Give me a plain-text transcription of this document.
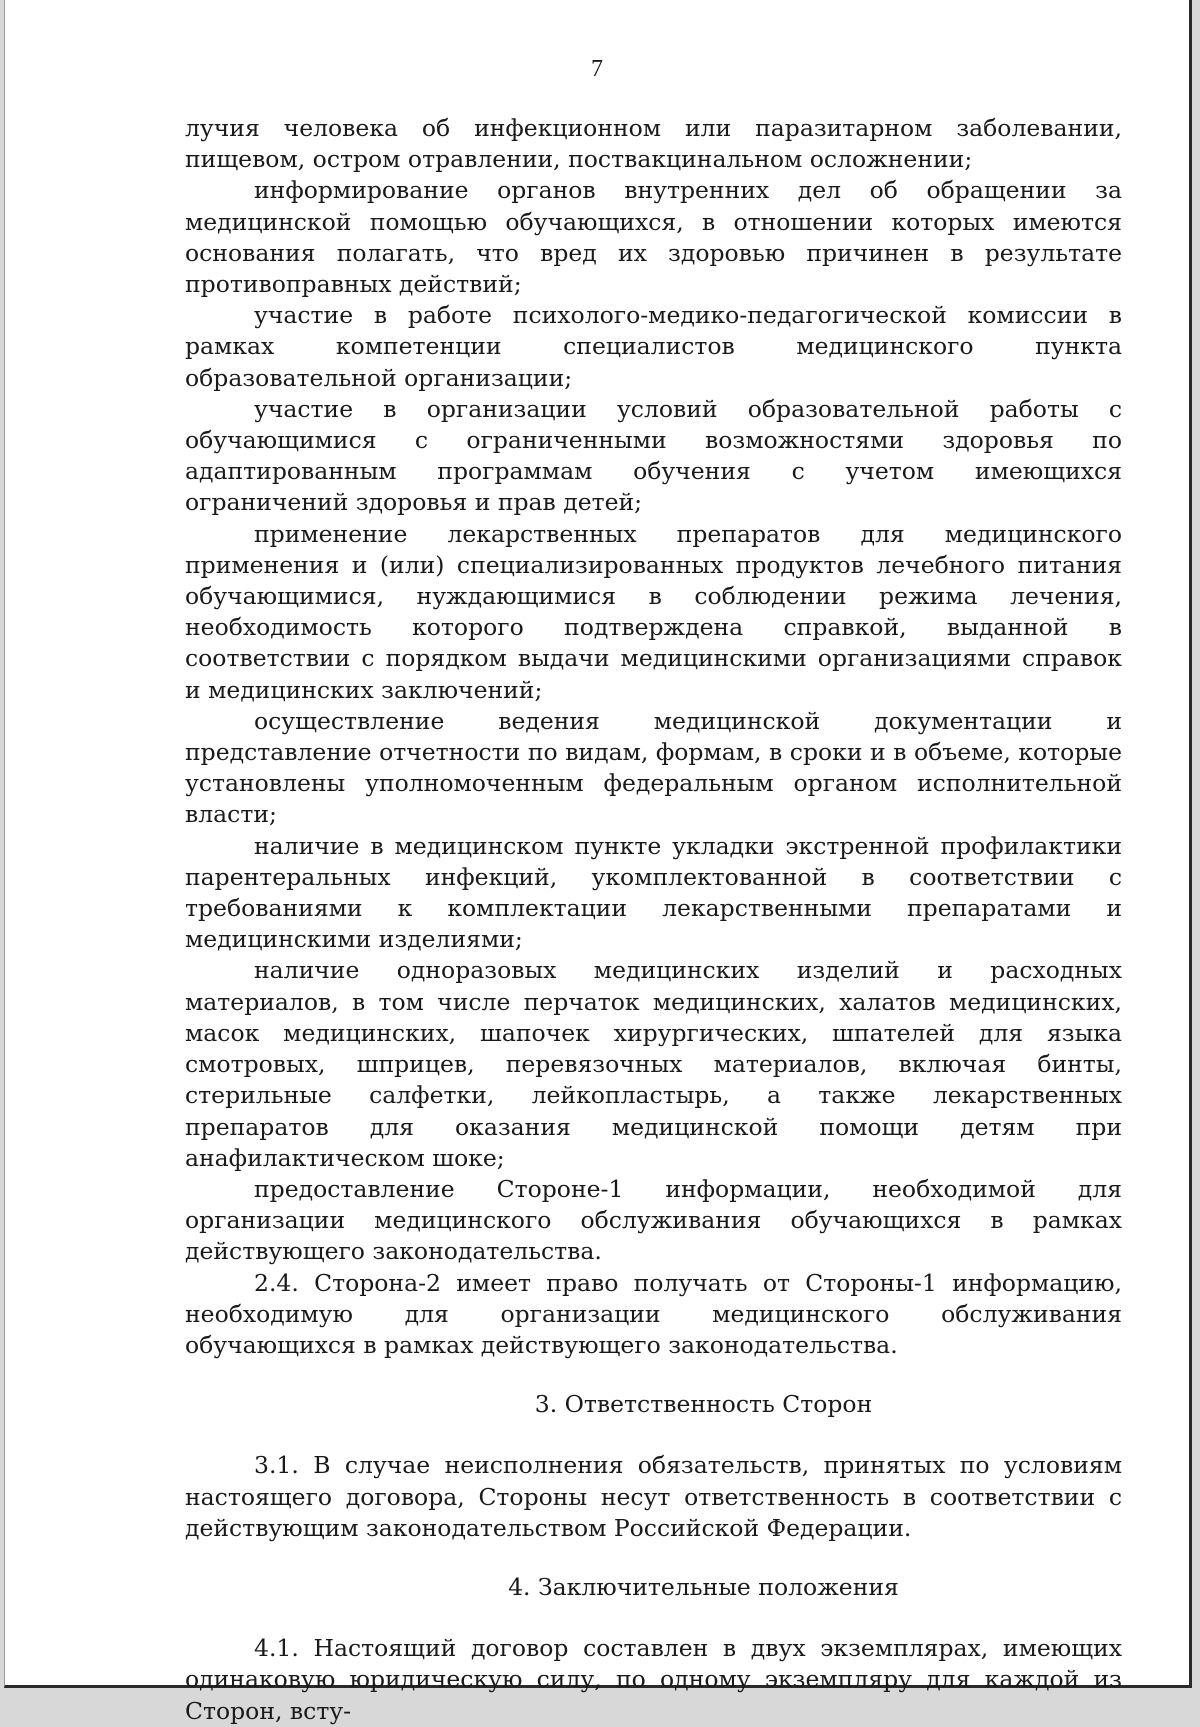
7

лучия человека об инфекционном или паразитарном заболевании, пищевом, остром отравлении, поствакцинальном осложнении;

информирование органов внутренних дел об обращении за медицинской помощью обучающихся, в отношении которых имеются основания полагать, что вред их здоровью причинен в результате противоправных действий;

участие в работе психолого-медико-педагогической комиссии в рамках компетенции специалистов медицинского пункта образовательной организации;

участие в организации условий образовательной работы с обучающимися с ограниченными возможностями здоровья по адаптированным программам обучения с учетом имеющихся ограничений здоровья и прав детей;

применение лекарственных препаратов для медицинского применения и (или) специализированных продуктов лечебного питания обучающимися, нуждающимися в соблюдении режима лечения, необходимость которого подтверждена справкой, выданной в соответствии с порядком выдачи медицинскими организациями справок и медицинских заключений;

осуществление ведения медицинской документации и представление отчетности по видам, формам, в сроки и в объеме, которые установлены уполномоченным федеральным органом исполнительной власти;

наличие в медицинском пункте укладки экстренной профилактики парентеральных инфекций, укомплектованной в соответствии с требованиями к комплектации лекарственными препаратами и медицинскими изделиями;

наличие одноразовых медицинских изделий и расходных материалов, в том числе перчаток медицинских, халатов медицинских, масок медицинских, шапочек хирургических, шпателей для языка смотровых, шприцев, перевязочных материалов, включая бинты, стерильные салфетки, лейкопластырь, а также лекарственных препаратов для оказания медицинской помощи детям при анафилактическом шоке;

предоставление Стороне-1 информации, необходимой для организации медицинского обслуживания обучающихся в рамках действующего законодательства.

2.4. Сторона-2 имеет право получать от Стороны-1 информацию, необходимую для организации медицинского обслуживания обучающихся в рамках действующего законодательства.

3. Ответственность Сторон

3.1. В случае неисполнения обязательств, принятых по условиям настоящего договора, Стороны несут ответственность в соответствии с действующим законодательством Российской Федерации.

4. Заключительные положения

4.1. Настоящий договор составлен в двух экземплярах, имеющих одинаковую юридическую силу, по одному экземпляру для каждой из Сторон, всту-
